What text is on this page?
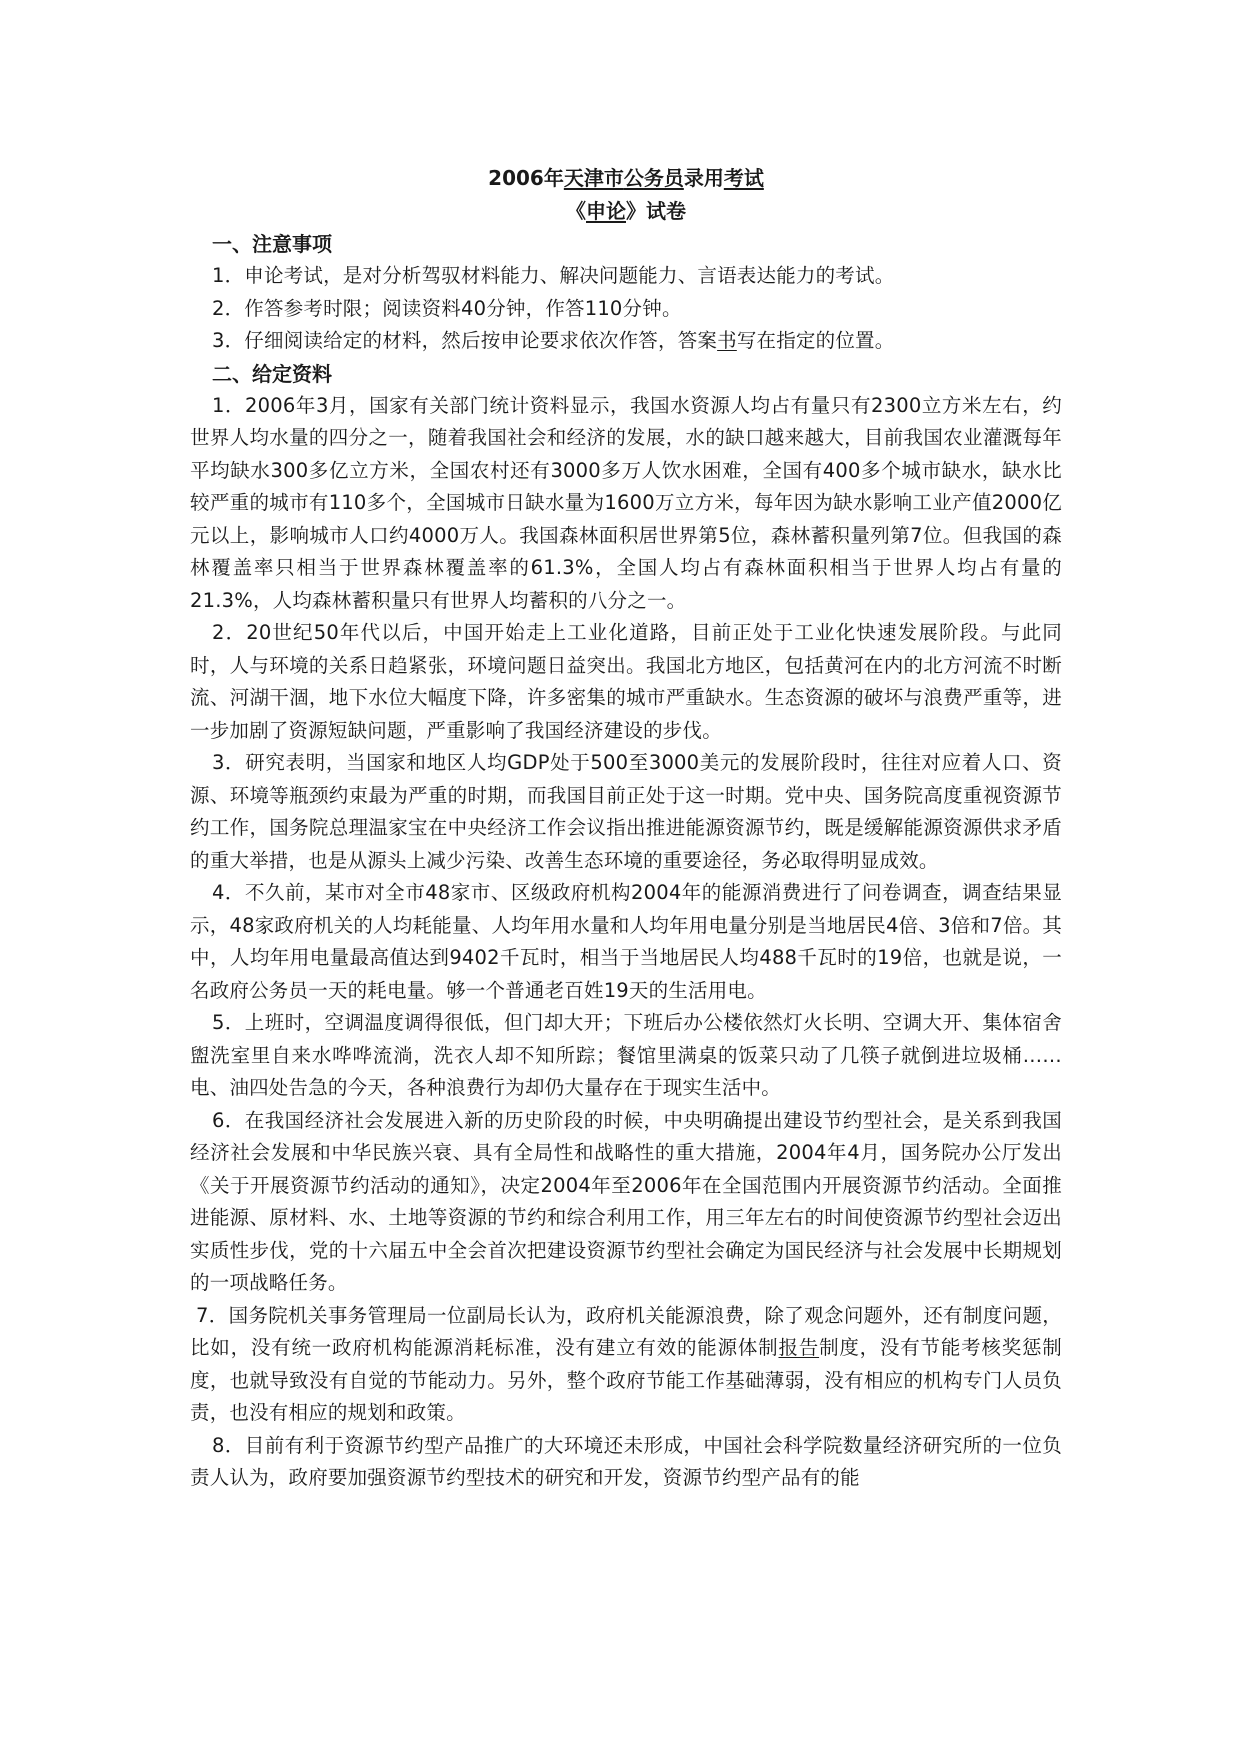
2006年天津市公务员录用考试

《申论》试卷

一、注意事项

1．申论考试，是对分析驾驭材料能力、解决问题能力、言语表达能力的考试。

2．作答参考时限；阅读资料40分钟，作答110分钟。

3．仔细阅读给定的材料，然后按申论要求依次作答，答案书写在指定的位置。

二、给定资料

1．2006年3月，国家有关部门统计资料显示，我国水资源人均占有量只有2300立方米左右，约世界人均水量的四分之一，随着我国社会和经济的发展，水的缺口越来越大，目前我国农业灌溉每年平均缺水300多亿立方米，全国农村还有3000多万人饮水困难，全国有400多个城市缺水，缺水比较严重的城市有110多个，全国城市日缺水量为1600万立方米，每年因为缺水影响工业产值2000亿元以上，影响城市人口约4000万人。我国森林面积居世界第5位，森林蓄积量列第7位。但我国的森林覆盖率只相当于世界森林覆盖率的61.3%，全国人均占有森林面积相当于世界人均占有量的21.3%，人均森林蓄积量只有世界人均蓄积的八分之一。

2．20世纪50年代以后，中国开始走上工业化道路，目前正处于工业化快速发展阶段。与此同时，人与环境的关系日趋紧张，环境问题日益突出。我国北方地区，包括黄河在内的北方河流不时断流、河湖干涸，地下水位大幅度下降，许多密集的城市严重缺水。生态资源的破坏与浪费严重等，进一步加剧了资源短缺问题，严重影响了我国经济建设的步伐。

3．研究表明，当国家和地区人均GDP处于500至3000美元的发展阶段时，往往对应着人口、资源、环境等瓶颈约束最为严重的时期，而我国目前正处于这一时期。党中央、国务院高度重视资源节约工作，国务院总理温家宝在中央经济工作会议指出推进能源资源节约，既是缓解能源资源供求矛盾的重大举措，也是从源头上减少污染、改善生态环境的重要途径，务必取得明显成效。

4．不久前，某市对全市48家市、区级政府机构2004年的能源消费进行了问卷调查，调查结果显示，48家政府机关的人均耗能量、人均年用水量和人均年用电量分别是当地居民4倍、3倍和7倍。其中，人均年用电量最高值达到9402千瓦时，相当于当地居民人均488千瓦时的19倍，也就是说，一名政府公务员一天的耗电量。够一个普通老百姓19天的生活用电。

5．上班时，空调温度调得很低，但门却大开；下班后办公楼依然灯火长明、空调大开、集体宿舍盥洗室里自来水哗哗流淌，洗衣人却不知所踪；餐馆里满桌的饭菜只动了几筷子就倒进垃圾桶……电、油四处告急的今天，各种浪费行为却仍大量存在于现实生活中。

6．在我国经济社会发展进入新的历史阶段的时候，中央明确提出建设节约型社会，是关系到我国经济社会发展和中华民族兴衰、具有全局性和战略性的重大措施，2004年4月，国务院办公厅发出《关于开展资源节约活动的通知》，决定2004年至2006年在全国范围内开展资源节约活动。全面推进能源、原材料、水、土地等资源的节约和综合利用工作，用三年左右的时间使资源节约型社会迈出实质性步伐，党的十六届五中全会首次把建设资源节约型社会确定为国民经济与社会发展中长期规划的一项战略任务。

7．国务院机关事务管理局一位副局长认为，政府机关能源浪费，除了观念问题外，还有制度问题，比如，没有统一政府机构能源消耗标准，没有建立有效的能源体制报告制度，没有节能考核奖惩制度，也就导致没有自觉的节能动力。另外，整个政府节能工作基础薄弱，没有相应的机构专门人员负责，也没有相应的规划和政策。

8．目前有利于资源节约型产品推广的大环境还未形成，中国社会科学院数量经济研究所的一位负责人认为，政府要加强资源节约型技术的研究和开发，资源节约型产品有的能
